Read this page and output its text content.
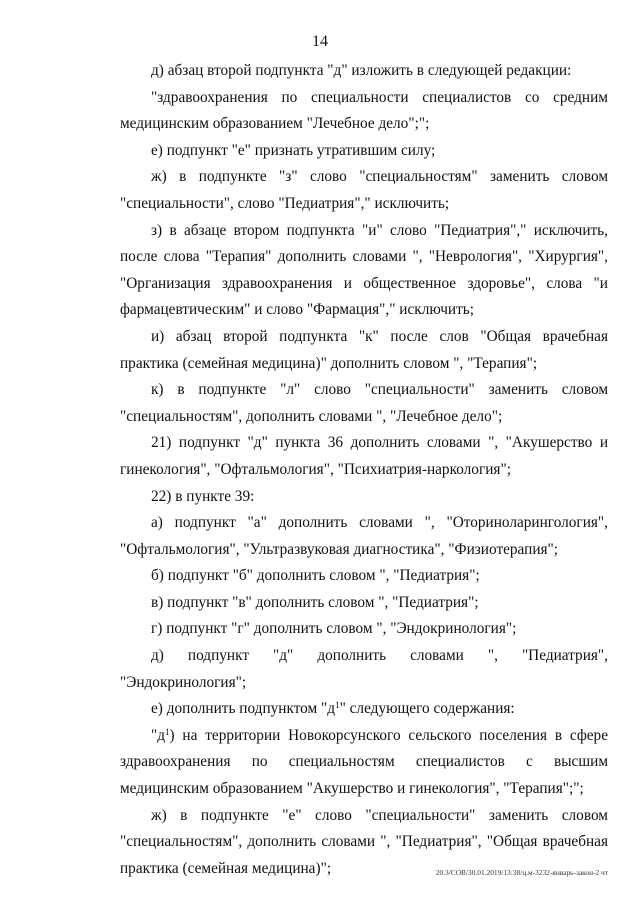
14

д) абзац второй подпункта "д" изложить в следующей редакции:

"здравоохранения по специальности специалистов со средним медицинским образованием "Лечебное дело";";

е) подпункт "е" признать утратившим силу;

ж) в подпункте "з" слово "специальностям" заменить словом "специальности", слово "Педиатрия"," исключить;

з) в абзаце втором подпункта "и" слово "Педиатрия"," исключить, после слова "Терапия" дополнить словами ", "Неврология", "Хирургия", "Организация здравоохранения и общественное здоровье", слова "и фармацевтическим" и слово "Фармация"," исключить;

и) абзац второй подпункта "к" после слов "Общая врачебная практика (семейная медицина)" дополнить словом ", "Терапия";

к) в подпункте "л" слово "специальности" заменить словом "специальностям", дополнить словами ", "Лечебное дело";

21) подпункт "д" пункта 36 дополнить словами ", "Акушерство и гинекология", "Офтальмология", "Психиатрия-наркология";

22) в пункте 39:

а) подпункт "а" дополнить словами ", "Оториноларингология", "Офтальмология", "Ультразвуковая диагностика", "Физиотерапия";

б) подпункт "б" дополнить словом ", "Педиатрия";

в) подпункт "в" дополнить словом ", "Педиатрия";

г) подпункт "г" дополнить словом ", "Эндокринология";

д) подпункт "д" дополнить словами ", "Педиатрия", "Эндокринология";

е) дополнить подпунктом "$д^1$" следующего содержания:

"$д^1$) на территории Новокорсунского сельского поселения в сфере здравоохранения по специальностям специалистов с высшим медицинским образованием "Акушерство и гинекология", "Терапия";";

ж) в подпункте "е" слово "специальности" заменить словом "специальностям", дополнить словами ", "Педиатрия", "Общая врачебная практика (семейная медицина)";	20.3/СОВ/30.01.2019/13:38/ц.м-3232-январь-закон-2 чт
